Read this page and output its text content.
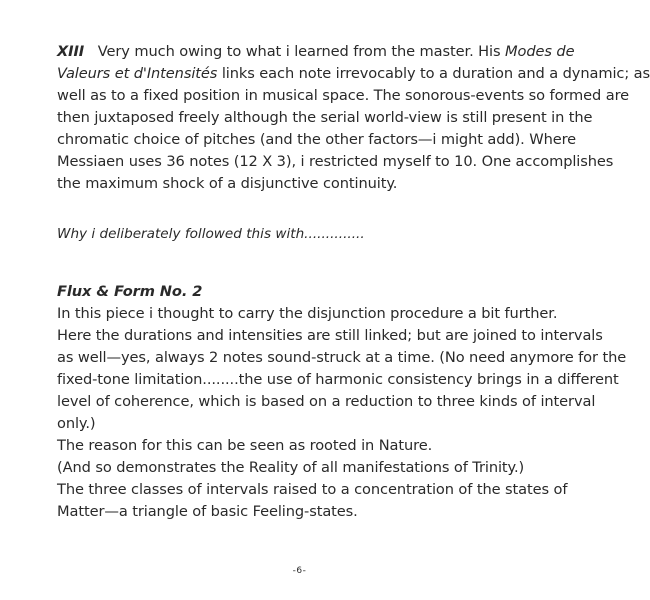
XIII Very much owing to what i learned from the master. His Modes de
Valeurs et d'Intensités links each note irrevocably to a duration and a dynamic; as
well as to a fixed position in musical space. The sonorous-events so formed are
then juxtaposed freely although the serial world-view is still present in the
chromatic choice of pitches (and the other factors—i might add). Where
Messiaen uses 36 notes (12 X 3), i restricted myself to 10. One accomplishes
the maximum shock of a disjunctive continuity.
Why i deliberately followed this with..............
Flux & Form No. 2
In this piece i thought to carry the disjunction procedure a bit further.
Here the durations and intensities are still linked; but are joined to intervals
as well—yes, always 2 notes sound-struck at a time. (No need anymore for the
fixed-tone limitation........the use of harmonic consistency brings in a different
level of coherence, which is based on a reduction to three kinds of interval
only.)
The reason for this can be seen as rooted in Nature.
(And so demonstrates the Reality of all manifestations of Trinity.)
The three classes of intervals raised to a concentration of the states of
Matter—a triangle of basic Feeling-states.
-6-
